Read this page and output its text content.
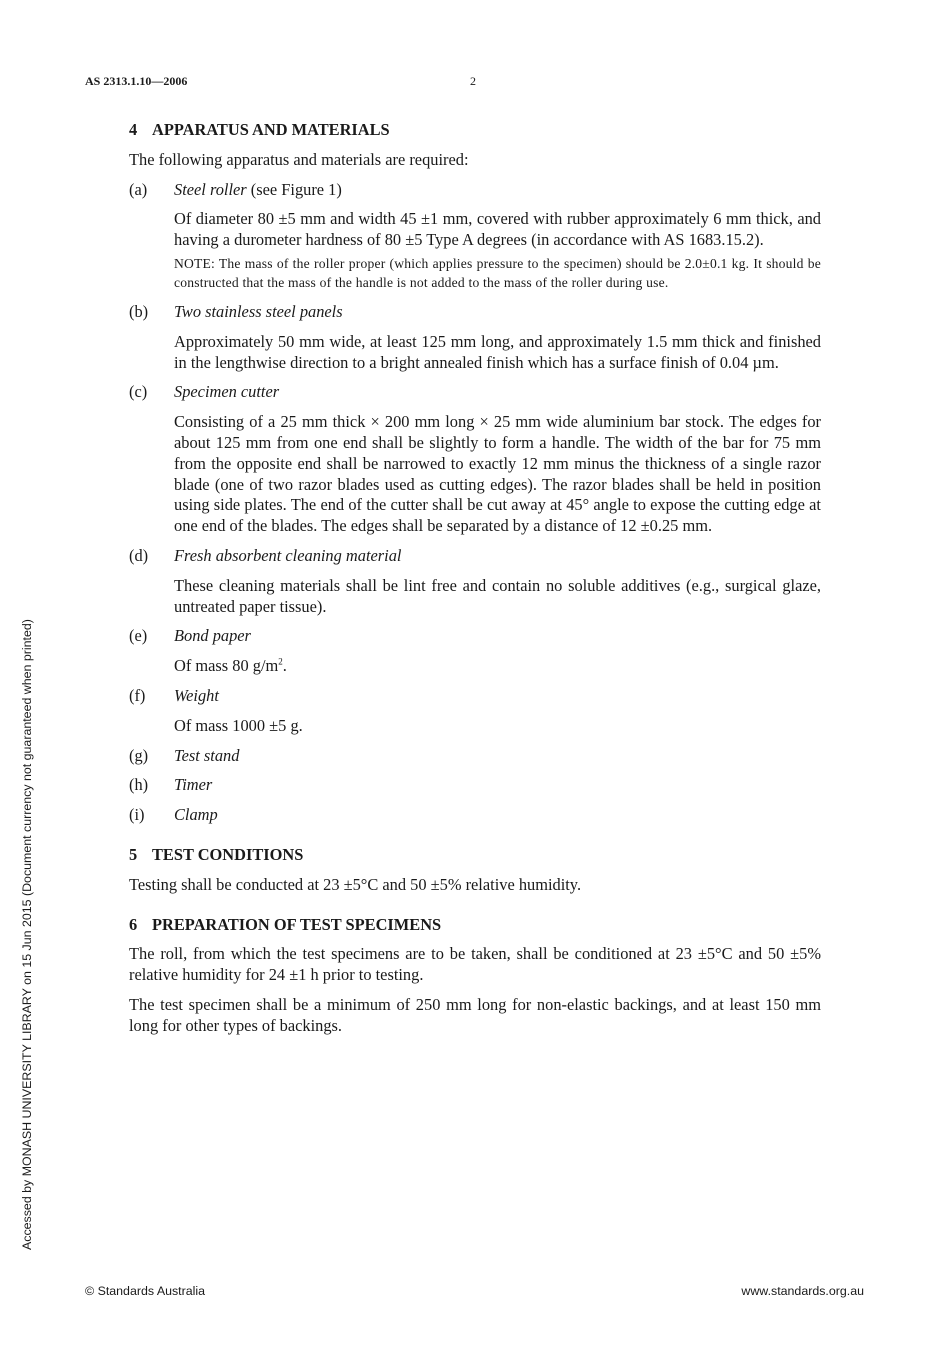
AS 2313.1.10—2006	2
4 APPARATUS AND MATERIALS
The following apparatus and materials are required:
(a)	Steel roller (see Figure 1)
Of diameter 80 ±5 mm and width 45 ±1 mm, covered with rubber approximately 6 mm thick, and having a durometer hardness of 80 ±5 Type A degrees (in accordance with AS 1683.15.2).
NOTE: The mass of the roller proper (which applies pressure to the specimen) should be 2.0±0.1 kg. It should be constructed that the mass of the handle is not added to the mass of the roller during use.
(b)	Two stainless steel panels
Approximately 50 mm wide, at least 125 mm long, and approximately 1.5 mm thick and finished in the lengthwise direction to a bright annealed finish which has a surface finish of 0.04 µm.
(c)	Specimen cutter
Consisting of a 25 mm thick × 200 mm long × 25 mm wide aluminium bar stock. The edges for about 125 mm from one end shall be slightly to form a handle. The width of the bar for 75 mm from the opposite end shall be narrowed to exactly 12 mm minus the thickness of a single razor blade (one of two razor blades used as cutting edges). The razor blades shall be held in position using side plates. The end of the cutter shall be cut away at 45° angle to expose the cutting edge at one end of the blades. The edges shall be separated by a distance of 12 ±0.25 mm.
(d)	Fresh absorbent cleaning material
These cleaning materials shall be lint free and contain no soluble additives (e.g., surgical glaze, untreated paper tissue).
(e)	Bond paper
Of mass 80 $g/m^2$.
(f)	Weight
Of mass 1000 ±5 g.
(g)	Test stand
(h)	Timer
(i)	Clamp
5 TEST CONDITIONS
Testing shall be conducted at 23 ±5°C and 50 ±5% relative humidity.
6 PREPARATION OF TEST SPECIMENS
The roll, from which the test specimens are to be taken, shall be conditioned at 23 ±5°C and 50 ±5% relative humidity for 24 ±1 h prior to testing.
The test specimen shall be a minimum of 250 mm long for non-elastic backings, and at least 150 mm long for other types of backings.
Accessed by MONASH UNIVERSITY LIBRARY on 15 Jun 2015 (Document currency not guaranteed when printed)
© Standards Australia	www.standards.org.au
